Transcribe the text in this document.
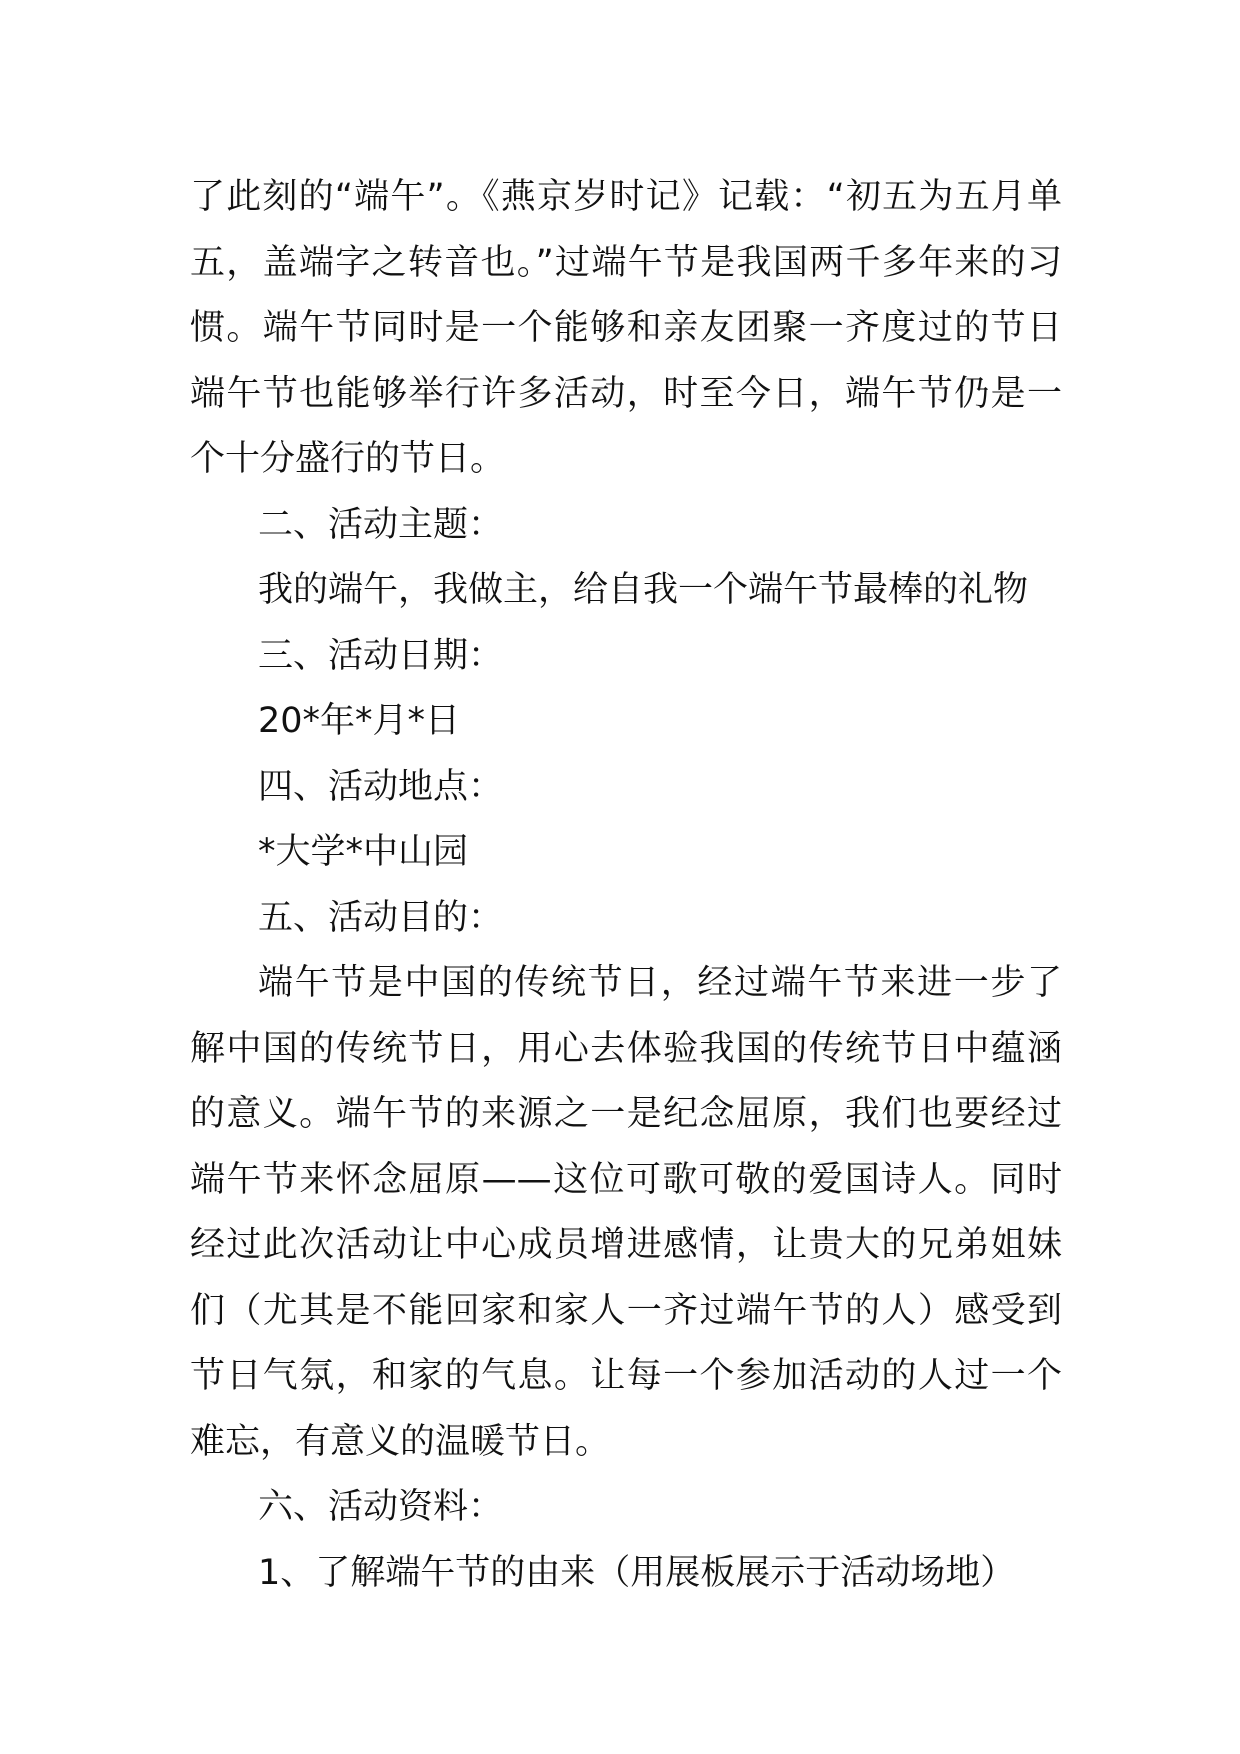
了此刻的“端午”。《燕京岁时记》记载：“初五为五月单五，盖端字之转音也。”过端午节是我国两千多年来的习惯。端午节同时是一个能够和亲友团聚一齐度过的节日端午节也能够举行许多活动，时至今日，端午节仍是一个十分盛行的节日。

二、活动主题：

我的端午，我做主，给自我一个端午节最棒的礼物

三、活动日期：

20*年*月*日

四、活动地点：

*大学*中山园

五、活动目的：

端午节是中国的传统节日，经过端午节来进一步了解中国的传统节日，用心去体验我国的传统节日中蕴涵的意义。端午节的来源之一是纪念屈原，我们也要经过端午节来怀念屈原——这位可歌可敬的爱国诗人。同时经过此次活动让中心成员增进感情，让贵大的兄弟姐妹们（尤其是不能回家和家人一齐过端午节的人）感受到节日气氛，和家的气息。让每一个参加活动的人过一个难忘，有意义的温暖节日。

六、活动资料：

1、了解端午节的由来（用展板展示于活动场地）
